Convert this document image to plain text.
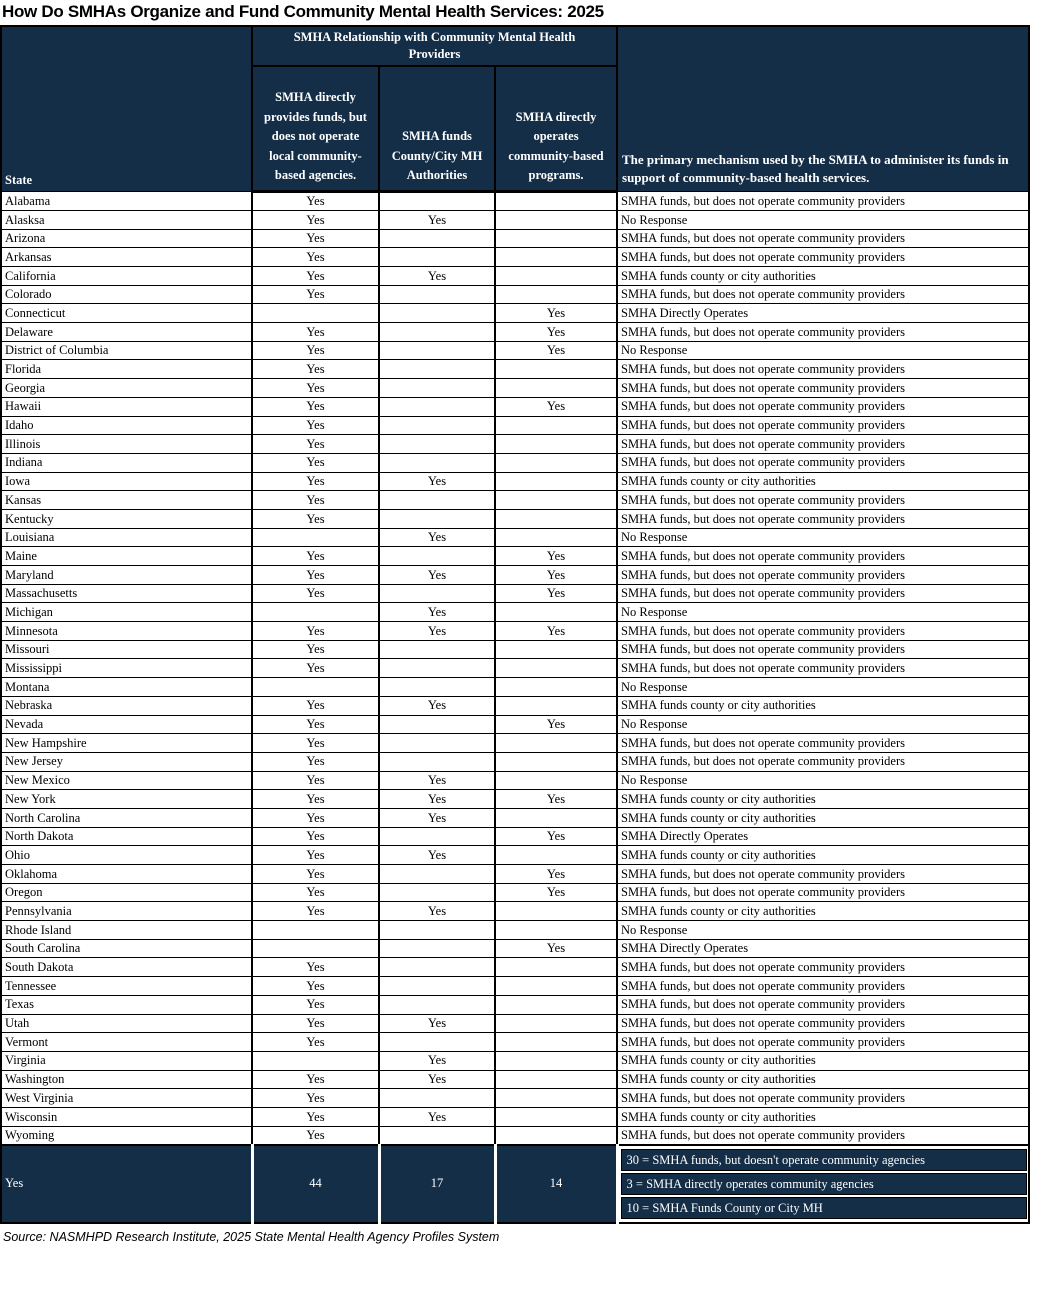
How Do SMHAs Organize and Fund Community Mental Health Services: 2025
State	SMHA Relationship with Community Mental Health Providers			The primary mechanism used by the SMHA to administer its funds in support of community-based health services.
	SMHA directly provides funds, but does not operate local community-based agencies.	SMHA funds County/City MH Authorities	SMHA directly operates community-based programs.	
Alabama	Yes			SMHA funds, but does not operate community providers
Alasksa	Yes	Yes		No Response
Arizona	Yes			SMHA funds, but does not operate community providers
Arkansas	Yes			SMHA funds, but does not operate community providers
California	Yes	Yes		SMHA funds county or city authorities
Colorado	Yes			SMHA funds, but does not operate community providers
Connecticut			Yes	SMHA Directly Operates
Delaware	Yes		Yes	SMHA funds, but does not operate community providers
District of Columbia	Yes		Yes	No Response
Florida	Yes			SMHA funds, but does not operate community providers
Georgia	Yes			SMHA funds, but does not operate community providers
Hawaii	Yes		Yes	SMHA funds, but does not operate community providers
Idaho	Yes			SMHA funds, but does not operate community providers
Illinois	Yes			SMHA funds, but does not operate community providers
Indiana	Yes			SMHA funds, but does not operate community providers
Iowa	Yes	Yes		SMHA funds county or city authorities
Kansas	Yes			SMHA funds, but does not operate community providers
Kentucky	Yes			SMHA funds, but does not operate community providers
Louisiana		Yes		No Response
Maine	Yes		Yes	SMHA funds, but does not operate community providers
Maryland	Yes	Yes	Yes	SMHA funds, but does not operate community providers
Massachusetts	Yes		Yes	SMHA funds, but does not operate community providers
Michigan		Yes		No Response
Minnesota	Yes	Yes	Yes	SMHA funds, but does not operate community providers
Missouri	Yes			SMHA funds, but does not operate community providers
Mississippi	Yes			SMHA funds, but does not operate community providers
Montana				No Response
Nebraska	Yes	Yes		SMHA funds county or city authorities
Nevada	Yes		Yes	No Response
New Hampshire	Yes			SMHA funds, but does not operate community providers
New Jersey	Yes			SMHA funds, but does not operate community providers
New Mexico	Yes	Yes		No Response
New York	Yes	Yes	Yes	SMHA funds county or city authorities
North Carolina	Yes	Yes		SMHA funds county or city authorities
North Dakota	Yes		Yes	SMHA Directly Operates
Ohio	Yes	Yes		SMHA funds county or city authorities
Oklahoma	Yes		Yes	SMHA funds, but does not operate community providers
Oregon	Yes		Yes	SMHA funds, but does not operate community providers
Pennsylvania	Yes	Yes		SMHA funds county or city authorities
Rhode Island				No Response
South Carolina			Yes	SMHA Directly Operates
South Dakota	Yes			SMHA funds, but does not operate community providers
Tennessee	Yes			SMHA funds, but does not operate community providers
Texas	Yes			SMHA funds, but does not operate community providers
Utah	Yes	Yes		SMHA funds, but does not operate community providers
Vermont	Yes			SMHA funds, but does not operate community providers
Virginia		Yes		SMHA funds county or city authorities
Washington	Yes	Yes		SMHA funds county or city authorities
West Virginia	Yes			SMHA funds, but does not operate community providers
Wisconsin	Yes	Yes		SMHA funds county or city authorities
Wyoming	Yes			SMHA funds, but does not operate community providers
Yes	44	17	14	30 = SMHA funds, but doesn't operate community agencies
3 = SMHA directly operates community agencies
10 = SMHA Funds County or City MH
Source: NASMHPD Research Institute, 2025 State Mental Health Agency Profiles System
